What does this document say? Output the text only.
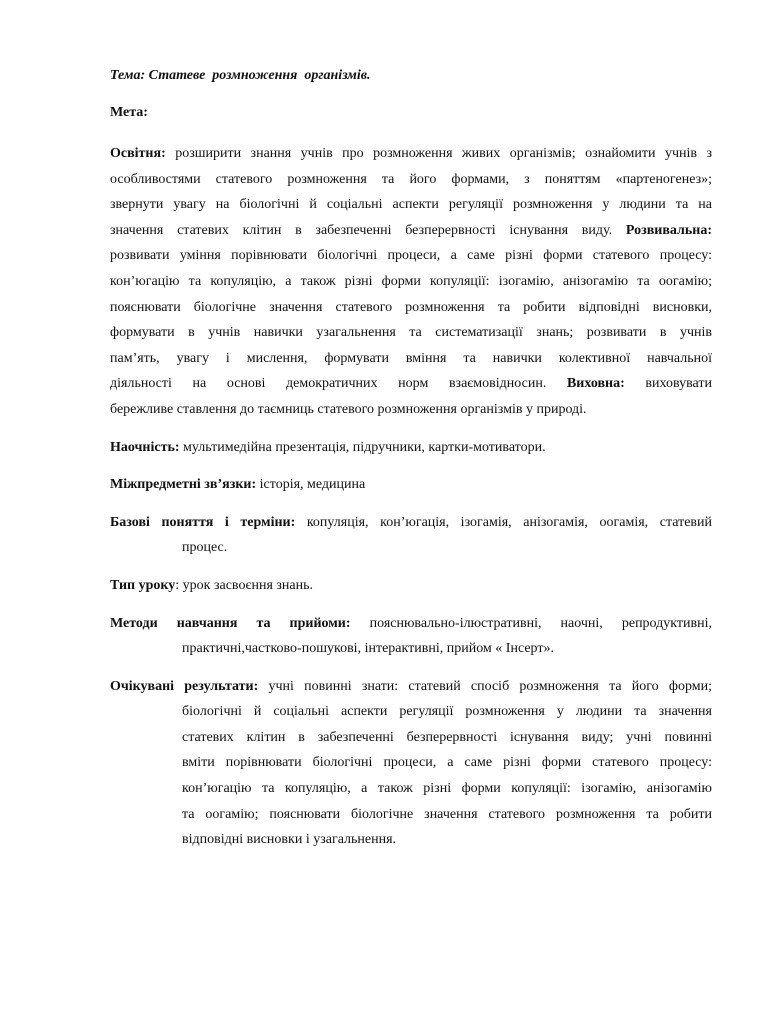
Тема: Статеве  розмноження  організмів.
Мета:
Освітня: розширити знання учнів про розмноження живих організмів; ознайомити учнів з
особливостями статевого розмноження та його формами, з поняттям «партеногенез»;
звернути увагу на біологічні й соціальні аспекти регуляції розмноження у людини та на
значення статевих клітин в забезпеченні безперервності існування виду. Розвивальна:
розвивати уміння порівнювати біологічні процеси, а саме різні форми статевого процесу:
кон’югацію та копуляцію, а також різні форми копуляції: ізогамію, анізогамію та оогамію;
пояснювати біологічне значення статевого розмноження та робити відповідні висновки,
формувати в учнів навички узагальнення та систематизації знань; розвивати в учнів
пам’ять, увагу і мислення, формувати вміння та навички колективної навчальної
діяльності на основі демократичних норм взаємовідносин. Виховна: виховувати
бережливе ставлення до таємниць статевого розмноження організмів у природі.
Наочність: мультимедійна презентація, підручники, картки-мотиватори.
Міжпредметні зв’язки: історія, медицина
Базові поняття і терміни: копуляція, кон’югація, ізогамія, анізогамія, оогамія, статевий
процес.
Тип уроку: урок засвоєння знань.
Методи навчання та прийоми: пояснювально-ілюстративні, наочні, репродуктивні,
практичні,частково-пошукові, інтерактивні, прийом « Інсерт».
Очікувані результати: учні повинні знати: статевий спосіб розмноження та його форми;
біологічні й соціальні аспекти регуляції розмноження у людини та значення
статевих клітин в забезпеченні безперервності існування виду; учні повинні
вміти порівнювати біологічні процеси, а саме різні форми статевого процесу:
кон’югацію та копуляцію, а також різні форми копуляції: ізогамію, анізогамію
та оогамію; пояснювати біологічне значення статевого розмноження та робити
відповідні висновки і узагальнення.
